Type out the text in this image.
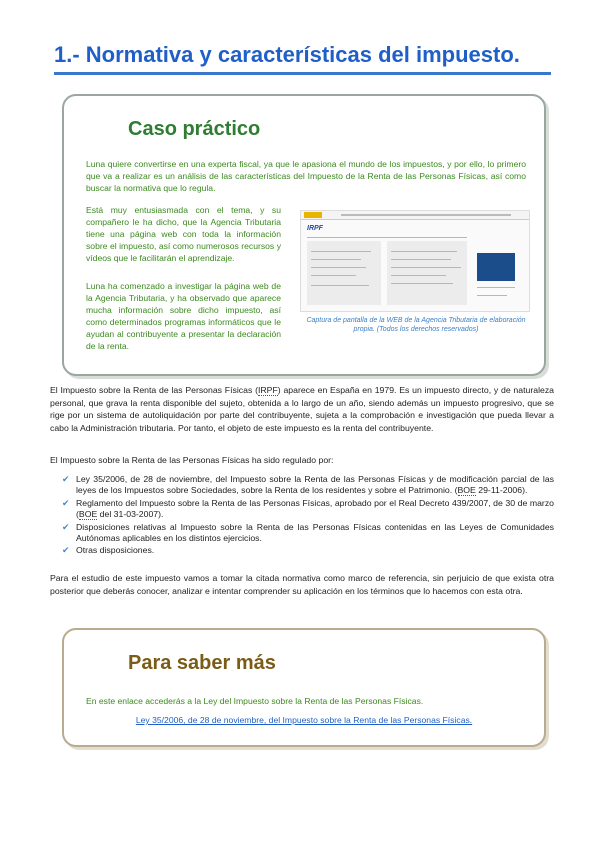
1.- Normativa y características del impuesto.
Caso práctico
Luna quiere convertirse en una experta fiscal, ya que le apasiona el mundo de los impuestos, y por ello, lo primero que va a realizar es un análisis de las características del Impuesto de la Renta de las Personas Físicas, así como buscar la normativa que lo regula.
Está muy entusiasmada con el tema, y su compañero le ha dicho, que la Agencia Tributaria tiene una página web con toda la información sobre el impuesto, así como numerosos recursos y vídeos que le facilitarán el aprendizaje.
Luna ha comenzado a investigar la página web de la Agencia Tributaria, y ha observado que aparece mucha información sobre dicho impuesto, así como determinados programas informáticos que le ayudan al contribuyente a presentar la declaración de la renta.
IRPF
Captura de pantalla de la WEB de la Agencia Tributaria de elaboración propia. (Todos los derechos reservados)
El Impuesto sobre la Renta de las Personas Físicas (IRPF) aparece en España en 1979. Es un impuesto directo, y de naturaleza personal, que grava la renta disponible del sujeto, obtenida a lo largo de un año, siendo además un impuesto progresivo, que se rige por un sistema de autoliquidación por parte del contribuyente, sujeta a la comprobación e investigación que pueda llevar a cabo la Administración tributaria. Por tanto, el objeto de este impuesto es la renta del contribuyente.
El Impuesto sobre la Renta de las Personas Físicas ha sido regulado por:
✔ Ley 35/2006, de 28 de noviembre, del Impuesto sobre la Renta de las Personas Físicas y de modificación parcial de las leyes de los Impuestos sobre Sociedades, sobre la Renta de los residentes y sobre el Patrimonio. (BOE 29-11-2006).
✔ Reglamento del Impuesto sobre la Renta de las Personas Físicas, aprobado por el Real Decreto 439/2007, de 30 de marzo (BOE del 31-03-2007).
✔ Disposiciones relativas al Impuesto sobre la Renta de las Personas Físicas contenidas en las Leyes de Comunidades Autónomas aplicables en los distintos ejercicios.
✔ Otras disposiciones.
Para el estudio de este impuesto vamos a tomar la citada normativa como marco de referencia, sin perjuicio de que exista otra posterior que deberás conocer, analizar e intentar comprender su aplicación en los términos que lo hacemos con esta otra.
Para saber más
En este enlace accederás a la Ley del Impuesto sobre la Renta de las Personas Físicas.
Ley 35/2006, de 28 de noviembre, del Impuesto sobre la Renta de las Personas Físicas.
